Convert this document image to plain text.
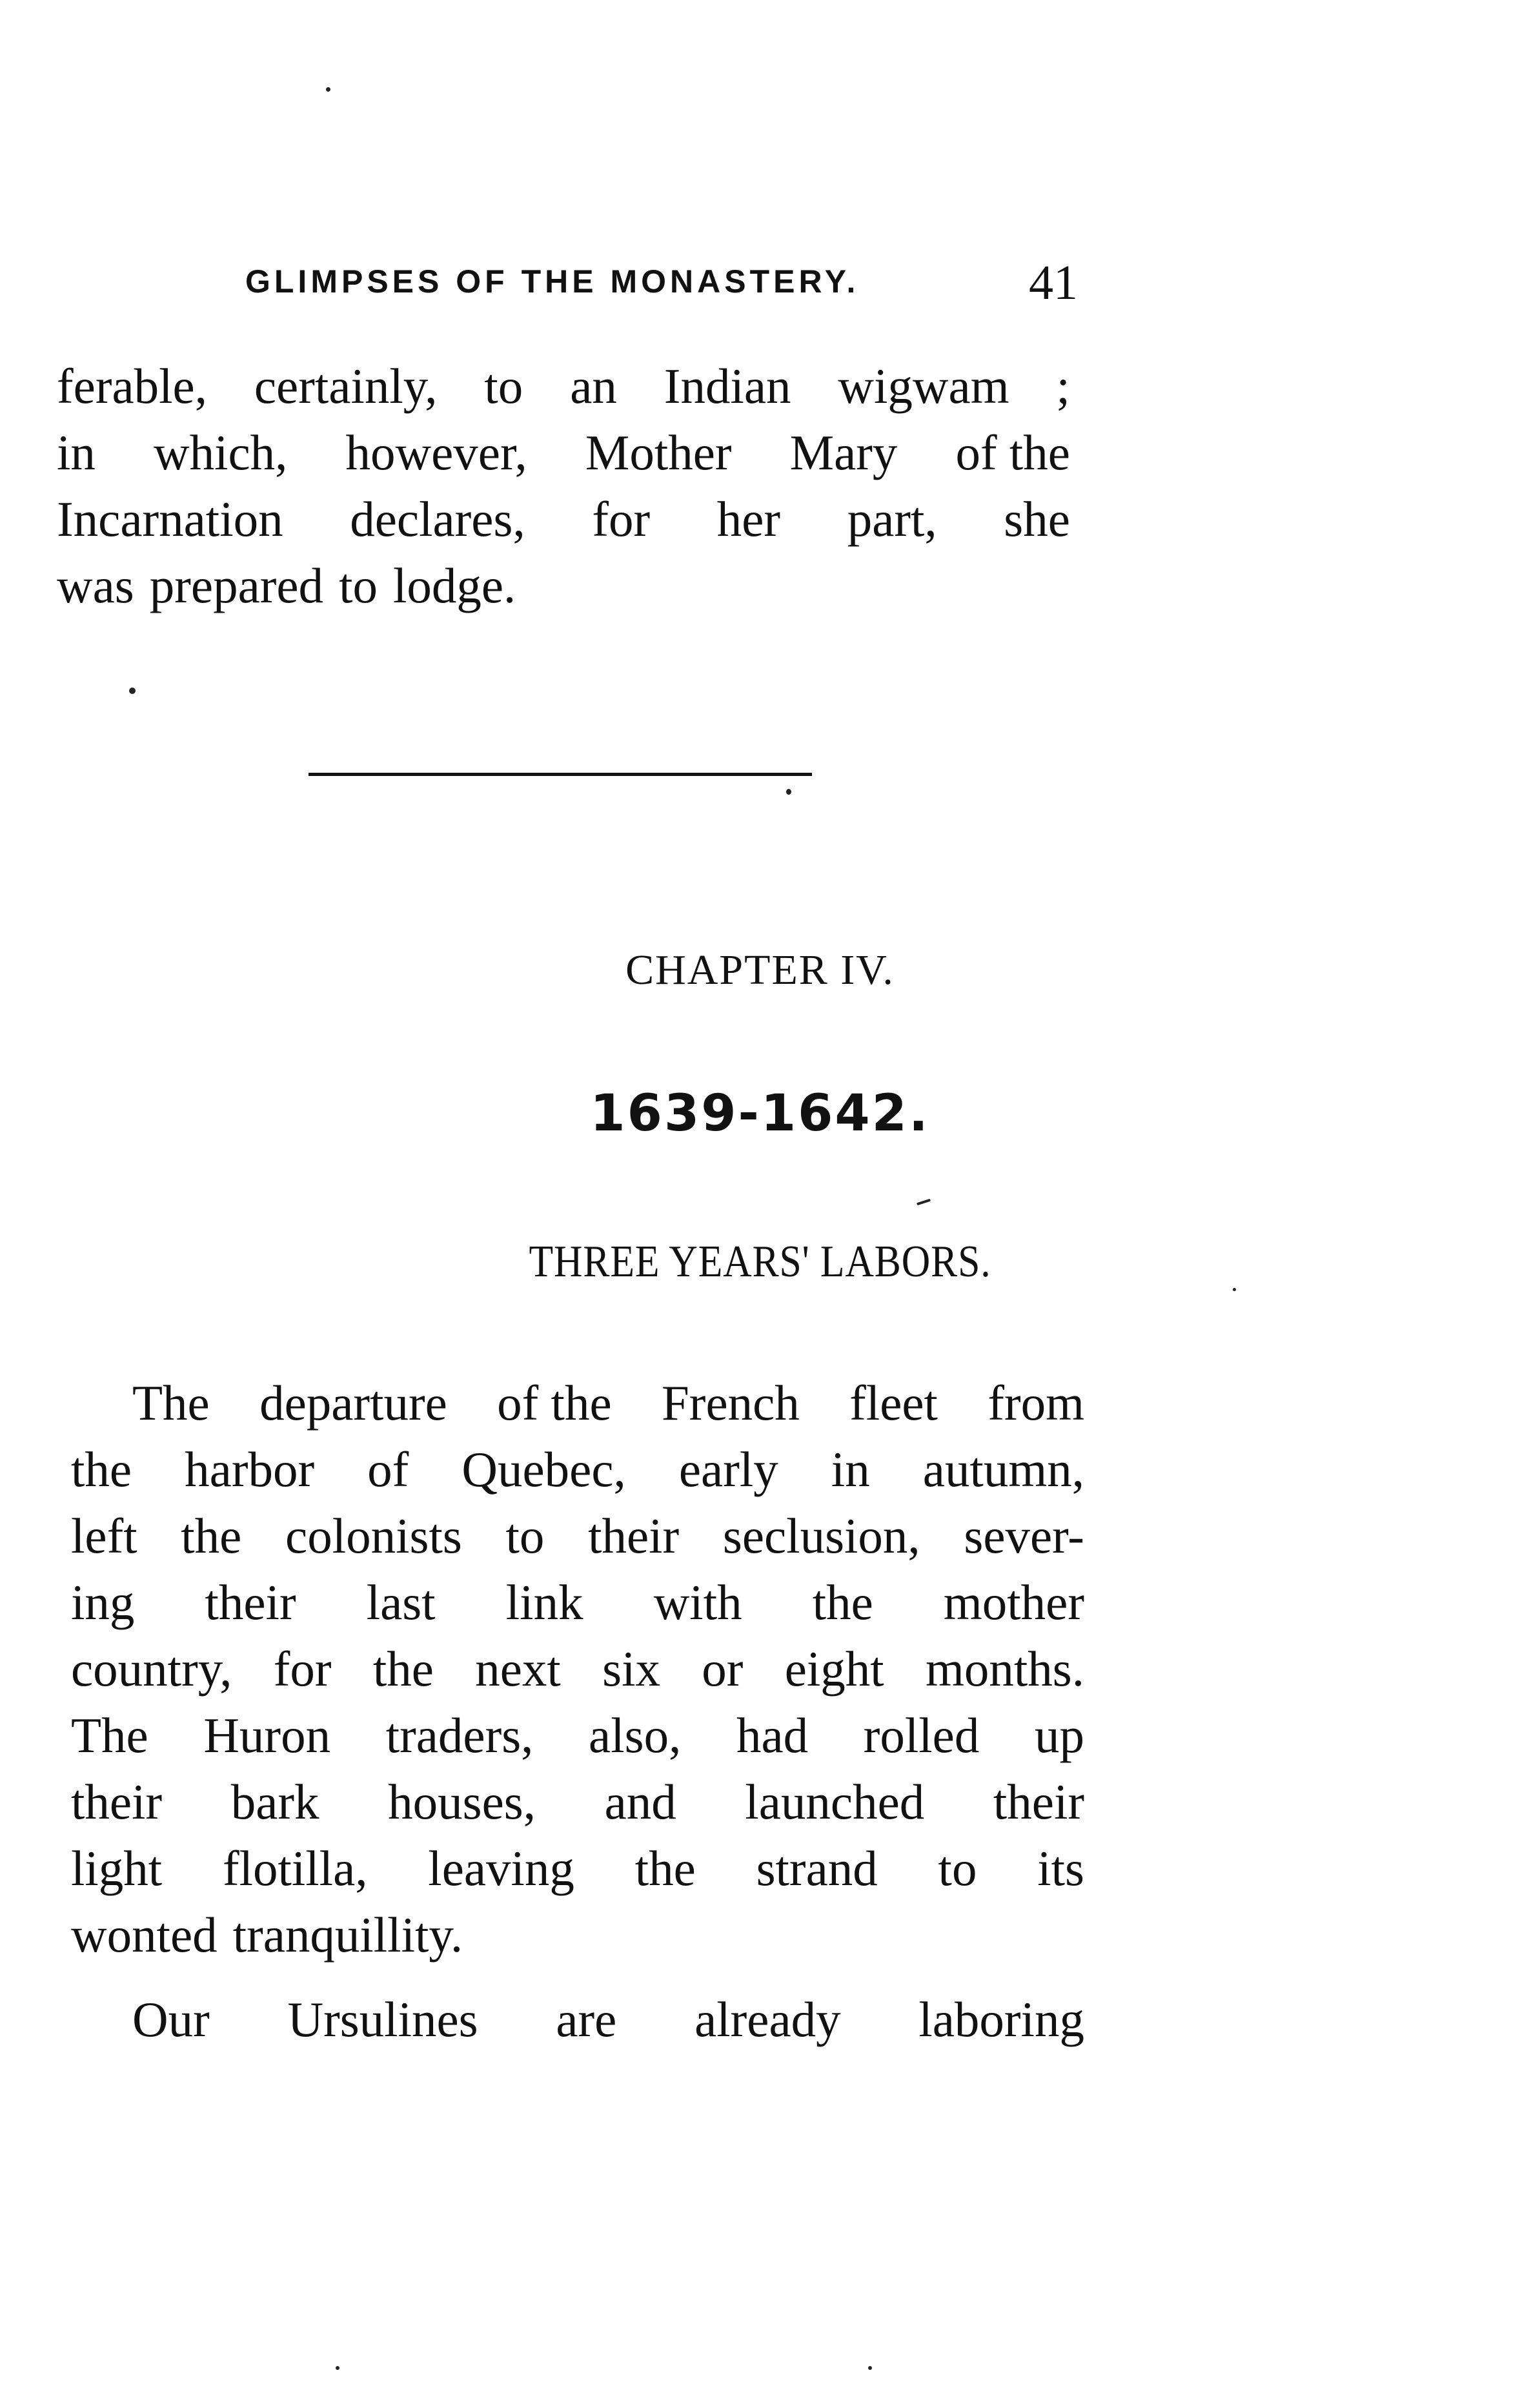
GLIMPSES OF THE MONASTERY.	41
ferable, certainly, to an Indian wigwam ;
in which, however, Mother Mary of the
Incarnation declares, for her part, she
was prepared to lodge.
CHAPTER IV.
1639-1642.
THREE YEARS' LABORS.
The departure of the French fleet from
the harbor of Quebec, early in autumn,
left the colonists to their seclusion, sever-
ing their last link with the mother
country, for the next six or eight months.
The Huron traders, also, had rolled up
their bark houses, and launched their
light flotilla, leaving the strand to its
wonted tranquillity.
Our Ursulines are already laboring
